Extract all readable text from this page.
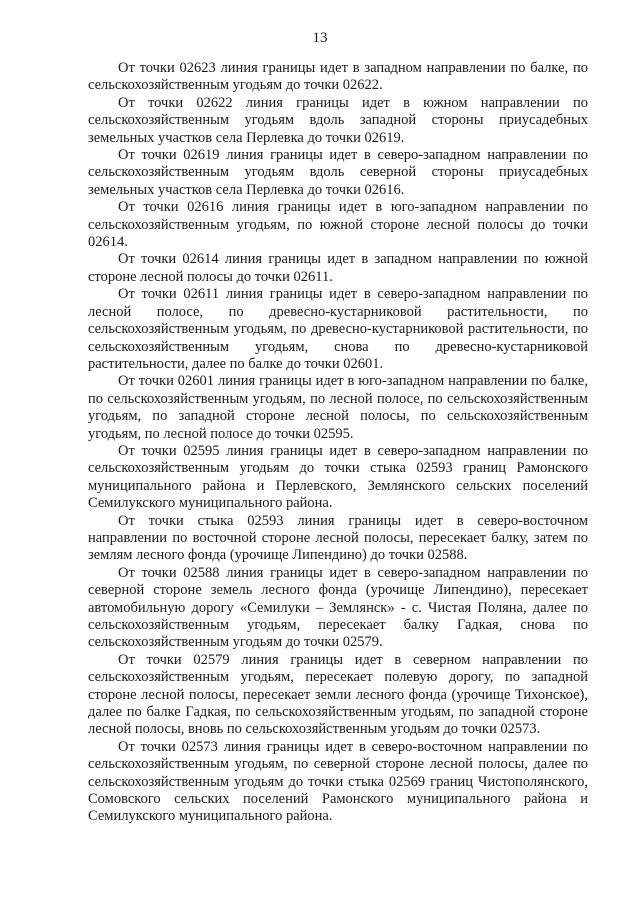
13

От точки 02623 линия границы идет в западном направлении по балке, по сельскохозяйственным угодьям до точки 02622.

От точки 02622 линия границы идет в южном направлении по сельскохозяйственным угодьям вдоль западной стороны приусадебных земельных участков села Перлевка до точки 02619.

От точки 02619 линия границы идет в северо-западном направлении по сельскохозяйственным угодьям вдоль северной стороны приусадебных земельных участков села Перлевка до точки 02616.

От точки 02616 линия границы идет в юго-западном направлении по сельскохозяйственным угодьям, по южной стороне лесной полосы до точки 02614.

От точки 02614 линия границы идет в западном направлении по южной стороне лесной полосы до точки 02611.

От точки 02611 линия границы идет в северо-западном направлении по лесной полосе, по древесно-кустарниковой растительности, по сельскохозяйственным угодьям, по древесно-кустарниковой растительности, по сельскохозяйственным угодьям, снова по древесно-кустарниковой растительности, далее по балке до точки 02601.

От точки 02601 линия границы идет в юго-западном направлении по балке, по сельскохозяйственным угодьям, по лесной полосе, по сельскохозяйственным угодьям, по западной стороне лесной полосы, по сельскохозяйственным угодьям, по лесной полосе до точки 02595.

От точки 02595 линия границы идет в северо-западном направлении по сельскохозяйственным угодьям до точки стыка 02593 границ Рамонского муниципального района и Перлевского, Землянского сельских поселений Семилукского муниципального района.

От точки стыка 02593 линия границы идет в северо-восточном направлении по восточной стороне лесной полосы, пересекает балку, затем по землям лесного фонда (урочище Липендино) до точки 02588.

От точки 02588 линия границы идет в северо-западном направлении по северной стороне земель лесного фонда (урочище Липендино), пересекает автомобильную дорогу «Семилуки – Землянск» - с. Чистая Поляна, далее по сельскохозяйственным угодьям, пересекает балку Гадкая, снова по сельскохозяйственным угодьям до точки 02579.

От точки 02579 линия границы идет в северном направлении по сельскохозяйственным угодьям, пересекает полевую дорогу, по западной стороне лесной полосы, пересекает земли лесного фонда (урочище Тихонское), далее по балке Гадкая, по сельскохозяйственным угодьям, по западной стороне лесной полосы, вновь по сельскохозяйственным угодьям до точки 02573.

От точки 02573 линия границы идет в северо-восточном направлении по сельскохозяйственным угодьям, по северной стороне лесной полосы, далее по сельскохозяйственным угодьям до точки стыка 02569 границ Чистополянского, Сомовского сельских поселений Рамонского муниципального района и Семилукского муниципального района.
